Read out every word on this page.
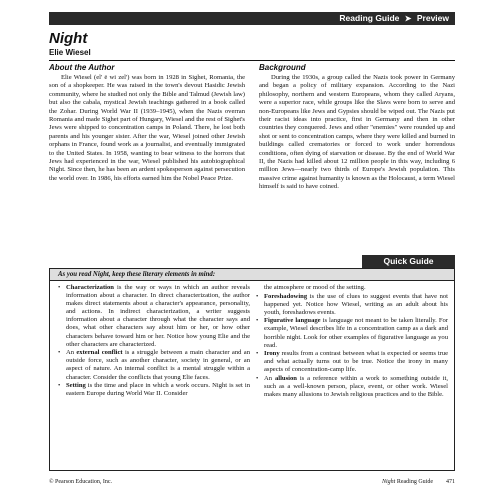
Reading Guide ➤ Preview
Night
Elie Wiesel
About the Author

Elie Wiesel (el' ē wi zel') was born in 1928 in Sighet, Romania, the son of a shopkeeper. He was raised in the town's devout Hasidic Jewish community, where he studied not only the Bible and Talmud (Jewish law) but also the cabala, mystical Jewish teachings gathered in a book called the Zohar. During World War II (1939–1945), when the Nazis overran Romania and made Sighet part of Hungary, Wiesel and the rest of Sighet's Jews were shipped to concentration camps in Poland. There, he lost both parents and his younger sister. After the war, Wiesel joined other Jewish orphans in France, found work as a journalist, and eventually immigrated to the United States. In 1958, wanting to bear witness to the horrors that Jews had experienced in the war, Wiesel published his autobiographical Night. Since then, he has been an ardent spokesperson against persecution the world over. In 1986, his efforts earned him the Nobel Peace Prize.

Background

During the 1930s, a group called the Nazis took power in Germany and began a policy of military expansion. According to the Nazi philosophy, northern and western Europeans, whom they called Aryans, were a superior race, while groups like the Slavs were born to serve and non-Europeans like Jews and Gypsies should be wiped out. The Nazis put their racist ideas into practice, first in Germany and then in other countries they conquered. Jews and other "enemies" were rounded up and shot or sent to concentration camps, where they were killed and burned in buildings called crematories or forced to work under horrendous conditions, often dying of starvation or disease. By the end of World War II, the Nazis had killed about 12 million people in this way, including 6 million Jews—nearly two thirds of Europe's Jewish population. This massive crime against humanity is known as the Holocaust, a term Wiesel himself is said to have coined.

Quick Guide
As you read Night, keep these literary elements in mind:
• Characterization is the way or ways in which an author reveals information about a character. In direct characterization, the author makes direct statements about a character's appearance, personality, and actions. In indirect characterization, a writer suggests information about a character through what the character says and does, what other characters say about him or her, or how other characters behave toward him or her. Notice how young Elie and the other characters are characterized.
• An external conflict is a struggle between a main character and an outside force, such as another character, society in general, or an aspect of nature. An internal conflict is a mental struggle within a character. Consider the conflicts that young Elie faces.
• Setting is the time and place in which a work occurs. Night is set in eastern Europe during World War II. Consider
the atmosphere or mood of the setting.
• Foreshadowing is the use of clues to suggest events that have not happened yet. Notice how Wiesel, writing as an adult about his youth, foreshadows events.
• Figurative language is language not meant to be taken literally. For example, Wiesel describes life in a concentration camp as a dark and horrible night. Look for other examples of figurative language as you read.
• Irony results from a contrast between what is expected or seems true and what actually turns out to be true. Notice the irony in many aspects of concentration-camp life.
• An allusion is a reference within a work to something outside it, such as a well-known person, place, event, or other work. Wiesel makes many allusions to Jewish religious practices and to the Bible.
© Pearson Education, Inc.	Night Reading Guide 471
